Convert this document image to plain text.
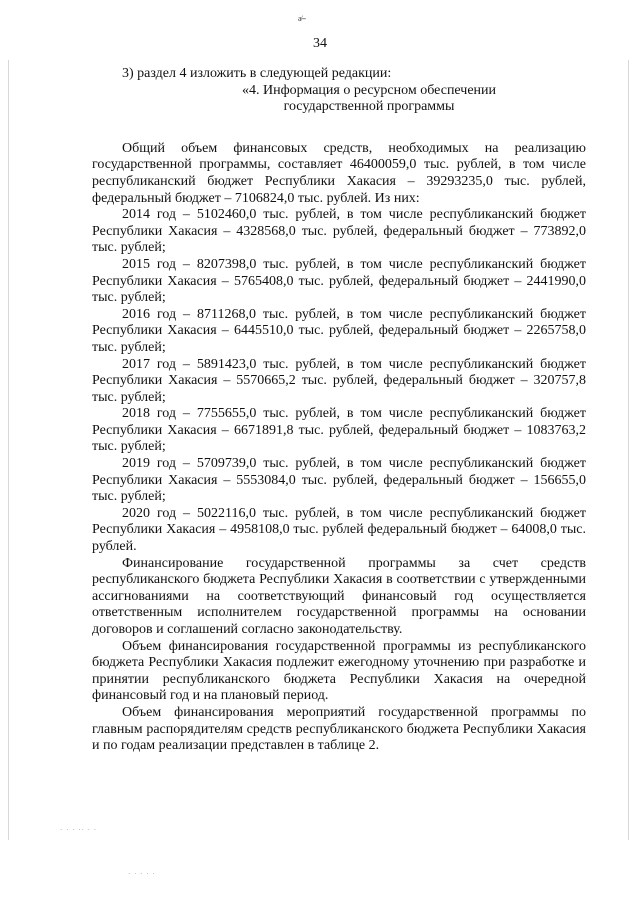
a/--
34

3) раздел 4 изложить в следующей редакции:

«4. Информация о ресурсном обеспечении

государственной программы

Общий объем финансовых средств, необходимых на реализацию государственной программы, составляет 46400059,0 тыс. рублей, в том числе республиканский бюджет Республики Хакасия – 39293235,0 тыс. рублей, федеральный бюджет – 7106824,0 тыс. рублей. Из них:

2014 год – 5102460,0 тыс. рублей, в том числе республиканский бюджет Республики Хакасия – 4328568,0 тыс. рублей, федеральный бюджет – 773892,0 тыс. рублей;

2015 год – 8207398,0 тыс. рублей, в том числе республиканский бюджет Республики Хакасия – 5765408,0 тыс. рублей, федеральный бюджет – 2441990,0 тыс. рублей;

2016 год – 8711268,0 тыс. рублей, в том числе республиканский бюджет Республики Хакасия – 6445510,0 тыс. рублей, федеральный бюджет – 2265758,0 тыс. рублей;

2017 год – 5891423,0 тыс. рублей, в том числе республиканский бюджет Республики Хакасия – 5570665,2 тыс. рублей, федеральный бюджет – 320757,8 тыс. рублей;

2018 год – 7755655,0 тыс. рублей, в том числе республиканский бюджет Республики Хакасия – 6671891,8 тыс. рублей, федеральный бюджет – 1083763,2 тыс. рублей;

2019 год – 5709739,0 тыс. рублей, в том числе республиканский бюджет Республики Хакасия – 5553084,0 тыс. рублей, федеральный бюджет – 156655,0 тыс. рублей;

2020 год – 5022116,0 тыс. рублей, в том числе республиканский бюджет Республики Хакасия – 4958108,0 тыс. рублей федеральный бюджет – 64008,0 тыс. рублей.

Финансирование государственной программы за счет средств республиканского бюджета Республики Хакасия в соответствии с утвержденными ассигнованиями на соответствующий финансовый год осуществляется ответственным исполнителем государственной программы на основании договоров и соглашений согласно законодательству.

Объем финансирования государственной программы из республиканского бюджета Республики Хакасия подлежит ежегодному уточнению при разработке и принятии республиканского бюджета Республики Хакасия на очередной финансовый год и на плановый период.

Объем финансирования мероприятий государственной программы по главным распорядителям средств республиканского бюджета Республики Хакасия и по годам реализации представлен в таблице 2.

· · · ·· · ·
· · · · ·
